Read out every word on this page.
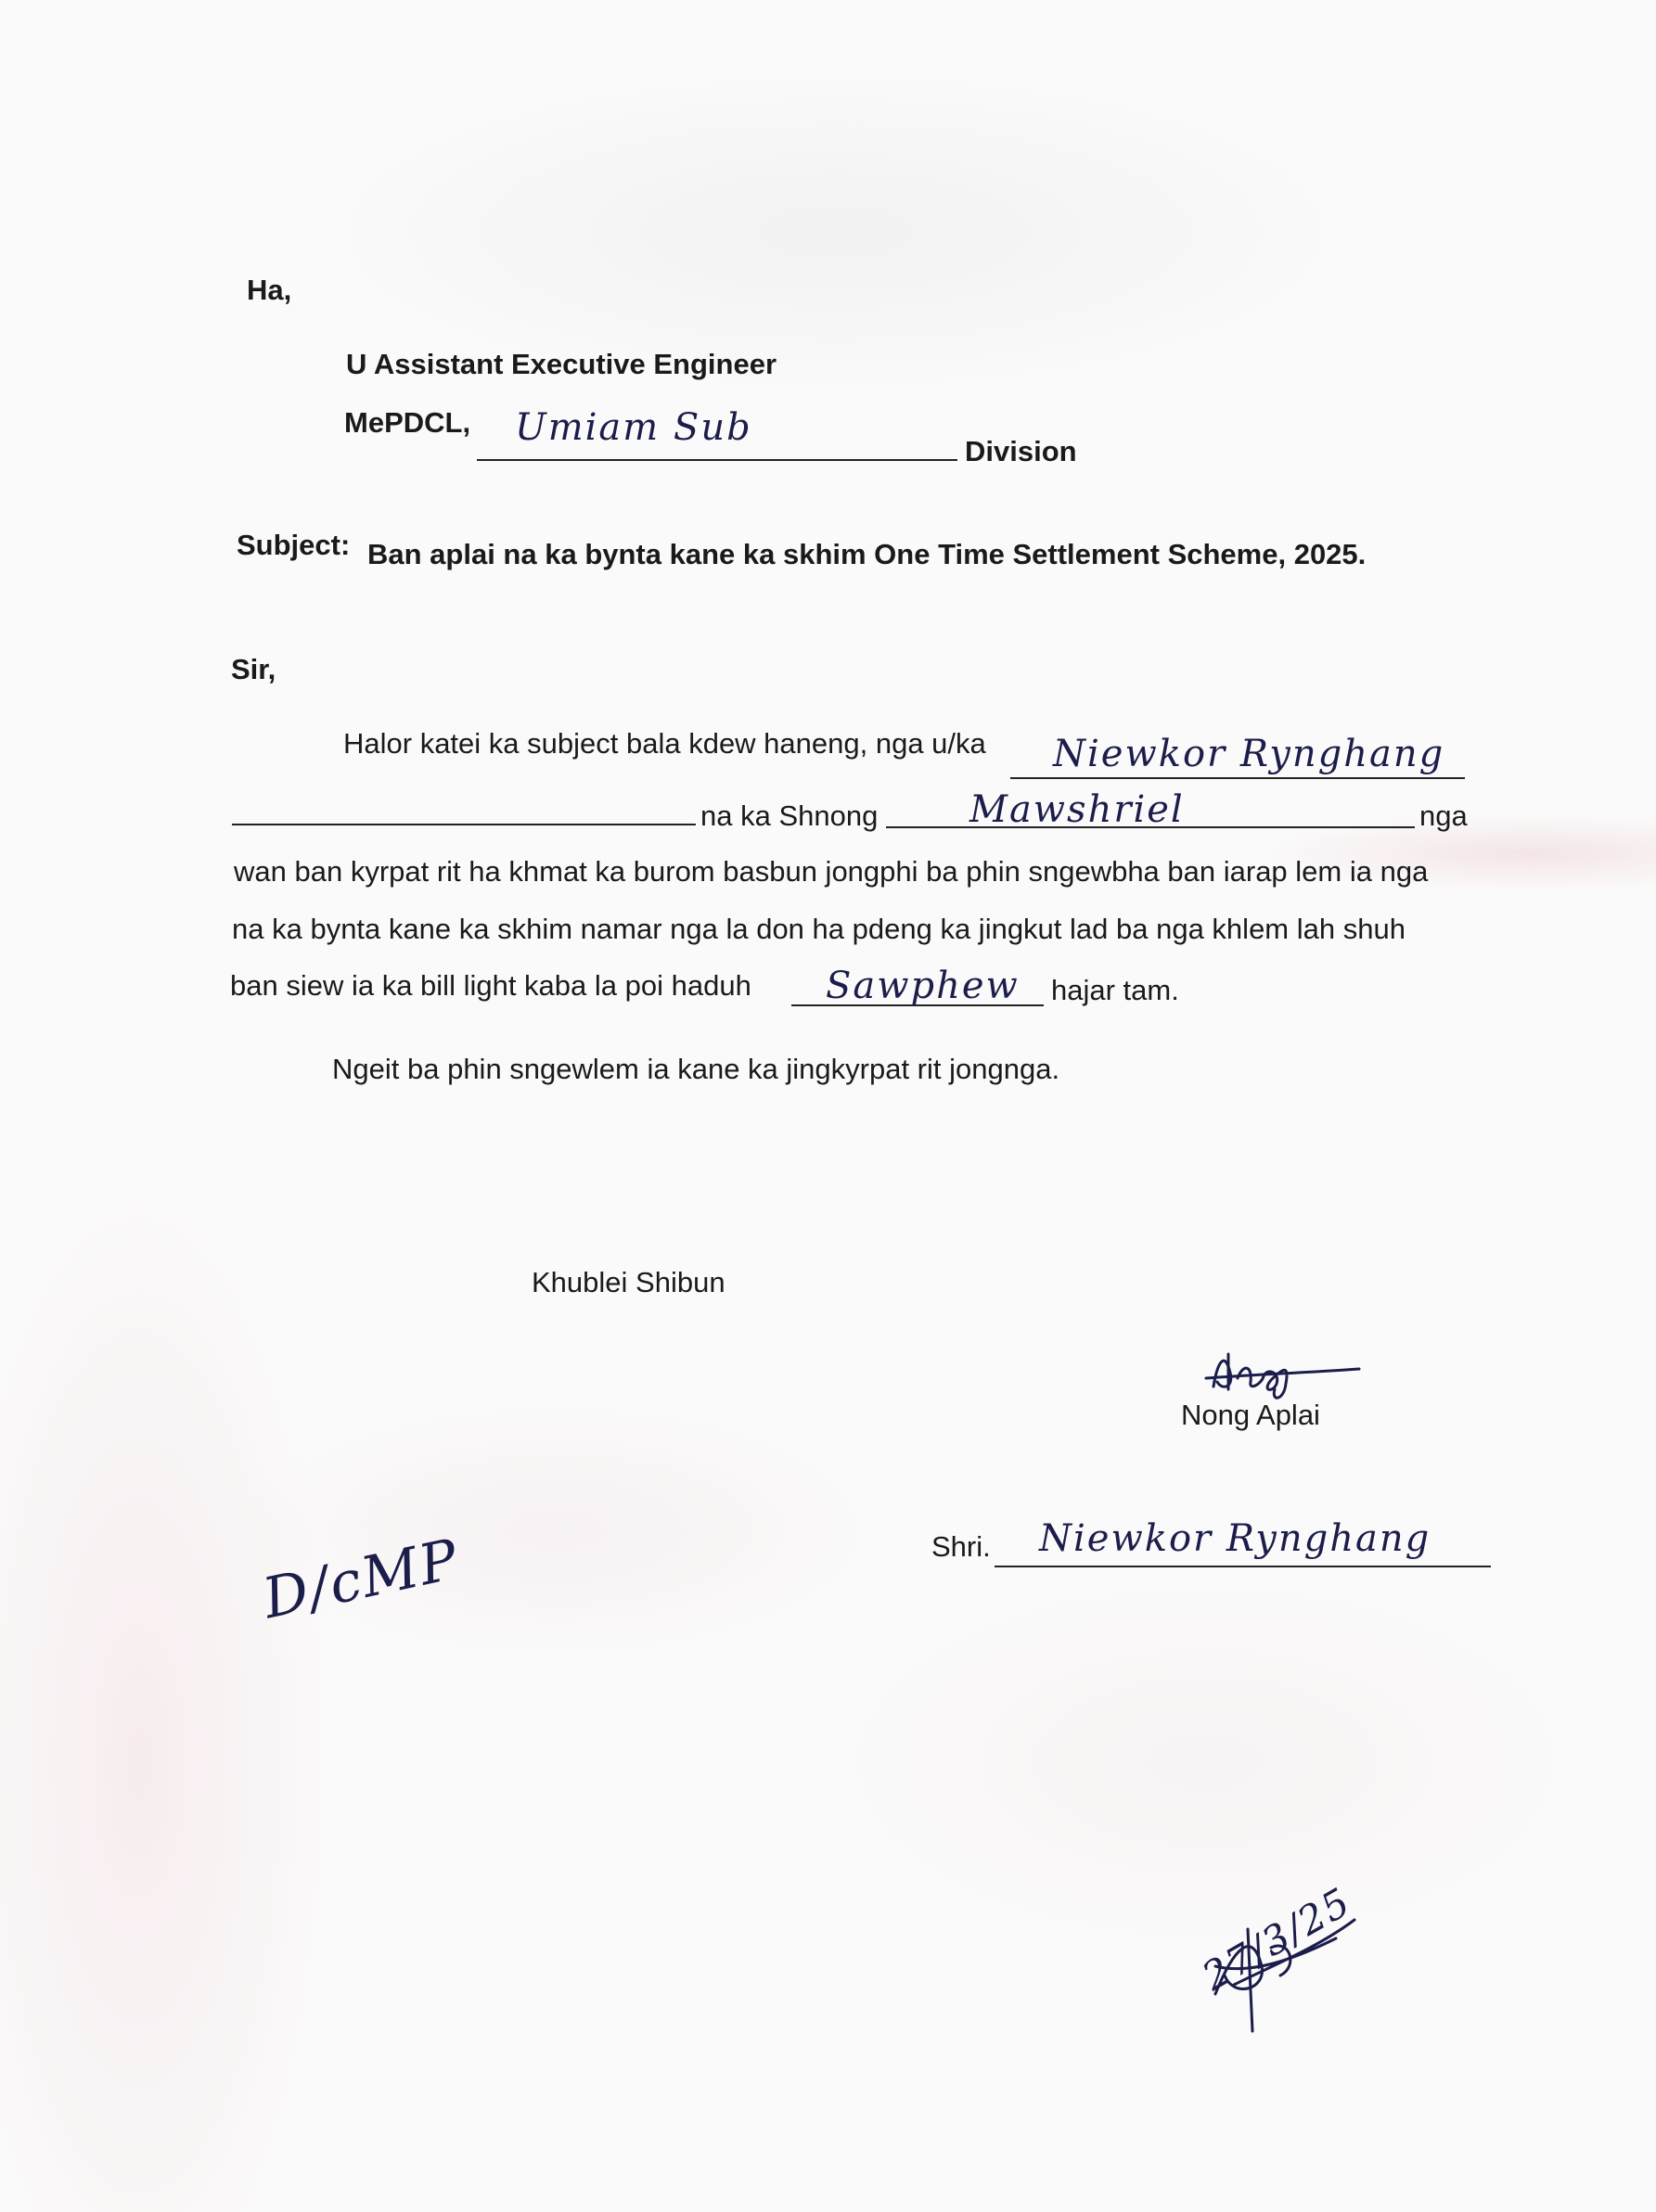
Ha,
U Assistant Executive Engineer
MePDCL, Umiam Sub
Division
Subject: Ban aplai na ka bynta kane ka skhim One Time Settlement Scheme, 2025.
Sir,
Halor katei ka subject bala kdew haneng, nga u/ka Niewkor Rynghang
na ka Shnong Mawshriel	nga
wan ban kyrpat rit ha khmat ka burom basbun jongphi ba phin sngewbha ban iarap lem ia nga
na ka bynta kane ka skhim namar nga la don ha pdeng ka jingkut lad ba nga khlem lah shuh
ban siew ia ka bill light kaba la poi haduh Sawphew hajar tam.
Ngeit ba phin sngewlem ia kane ka jingkyrpat rit jongnga.
Khublei Shibun
Nong Aplai
Shri. Niewkor Rynghang
D/cMP
27/3/25
